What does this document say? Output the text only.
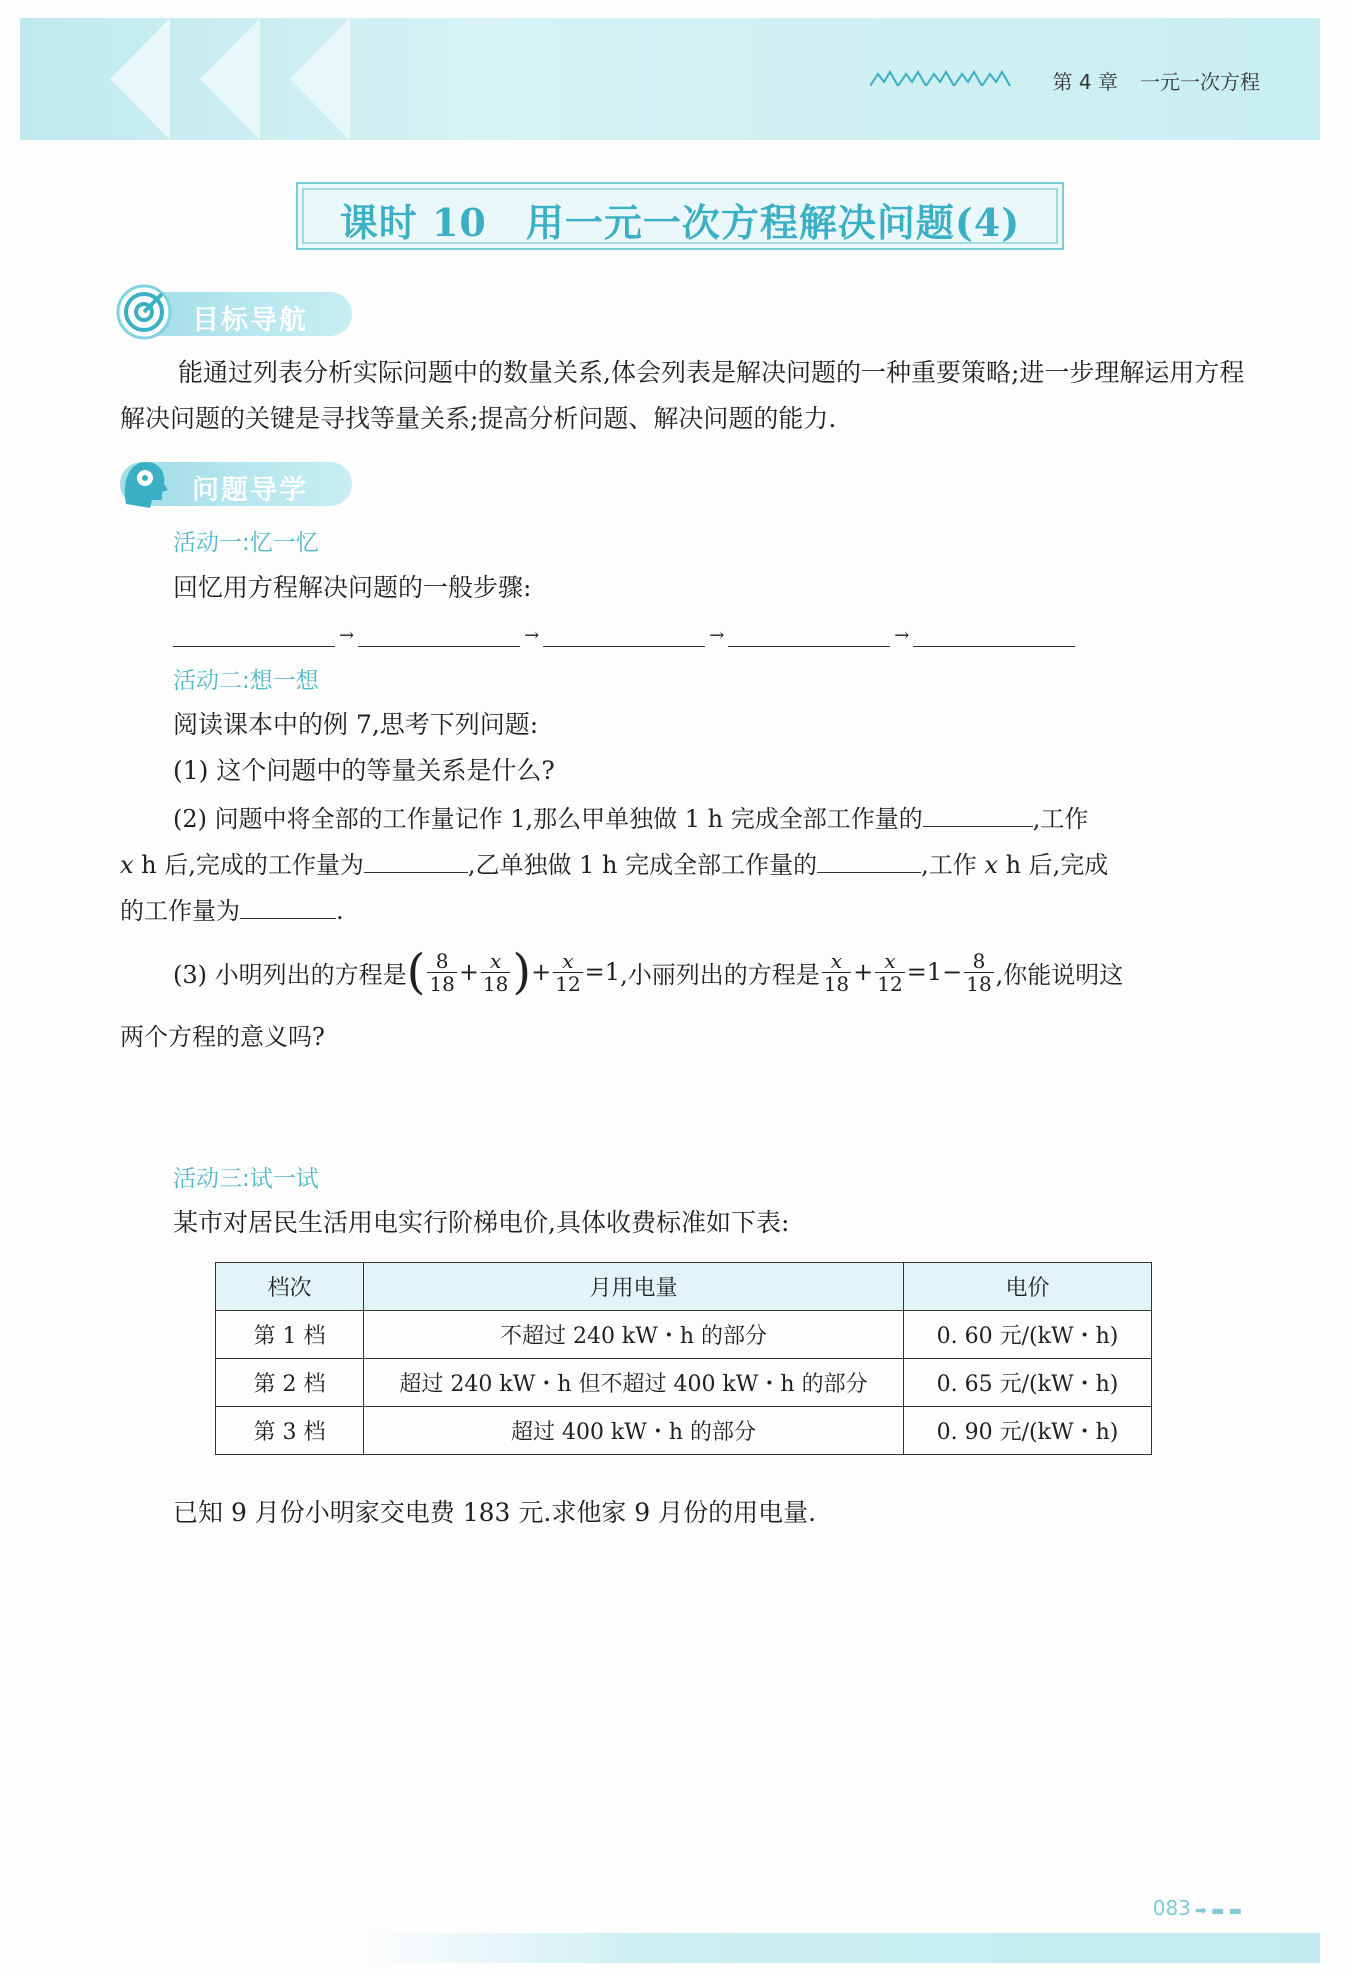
第 4 章 一元一次方程
课时 10　用一元一次方程解决问题(4)
目标导航
能通过列表分析实际问题中的数量关系,体会列表是解决问题的一种重要策略;进一步理解运用方程解决问题的关键是寻找等量关系;提高分析问题、解决问题的能力.
问题导学
活动一:忆一忆
回忆用方程解决问题的一般步骤:
→	→	→	→
活动二:想一想
阅读课本中的例 7,思考下列问题:
(1) 这个问题中的等量关系是什么?
(2) 问题中将全部的工作量记作 1,那么甲单独做 1 h 完成全部工作量的	,工作
x h 后,完成的工作量为	,乙单独做 1 h 完成全部工作量的	,工作 x h 后,完成
的工作量为	.
(3) 小明列出的方程是 ( $\frac{8}{18} + \frac{x}{18}$ ) + $\frac{x}{12} =1$ ,小丽列出的方程是 $\frac{x}{18} + \frac{x}{12} =1- \frac{8}{18}$ ,你能说明这
两个方程的意义吗?
活动三:试一试
某市对居民生活用电实行阶梯电价,具体收费标准如下表:
档次	月用电量	电价
第 1 档	不超过 240 kW・h 的部分	0. 60 元/(kW・h)
第 2 档	超过 240 kW・h 但不超过 400 kW・h 的部分	0. 65 元/(kW・h)
第 3 档	超过 400 kW・h 的部分	0. 90 元/(kW・h)
已知 9 月份小明家交电费 183 元.求他家 9 月份的用电量.
083 ➡ ▬ ▬
